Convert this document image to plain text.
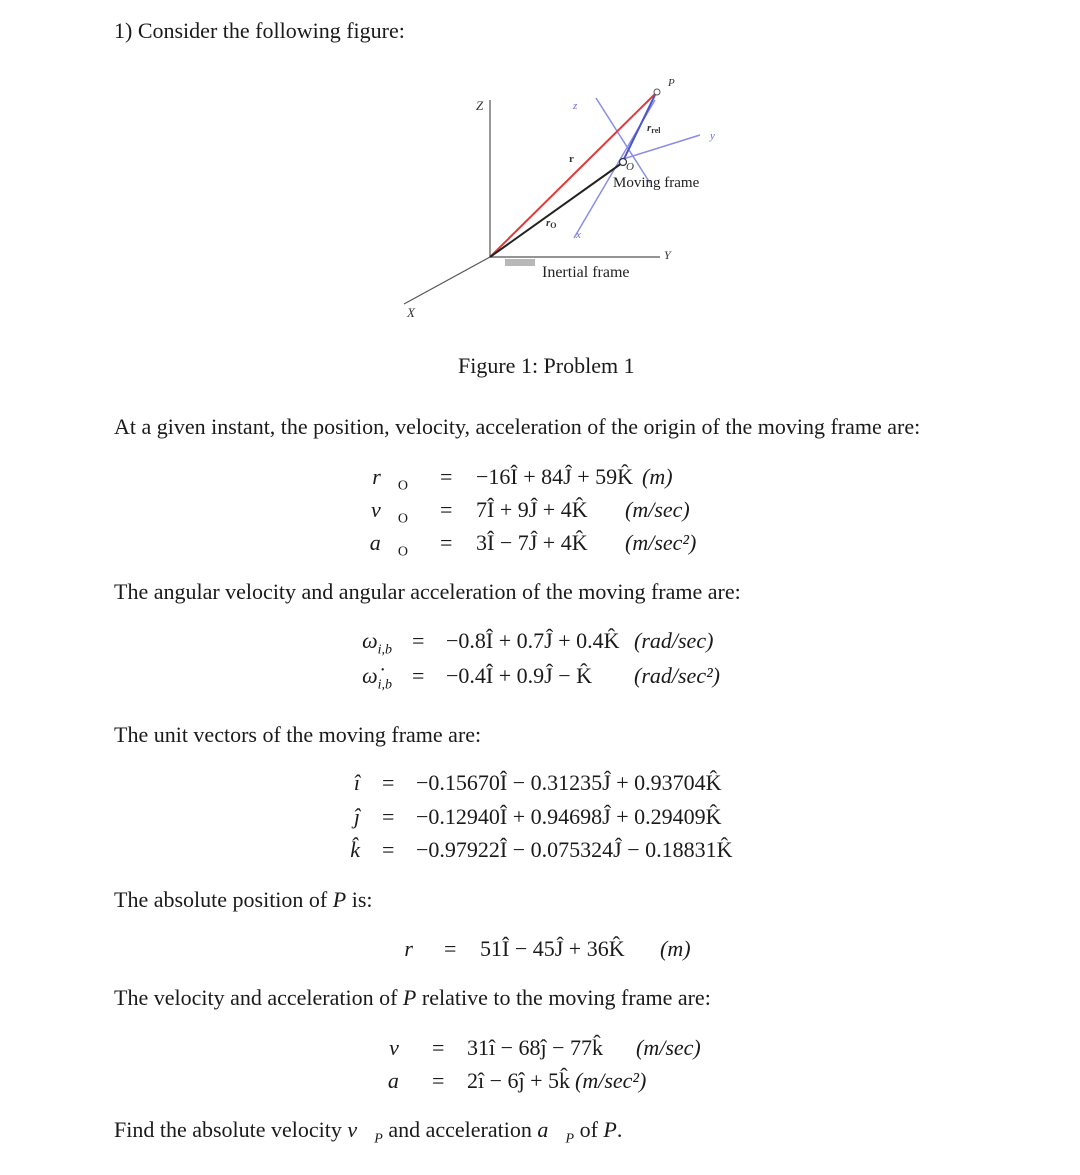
1) Consider the following figure:
Z	z
P
rrel	y
r
O
Moving frame
rO
x
Y
Inertial frame
X
Figure 1: Problem 1
At a given instant, the position, velocity, acceleration of the origin of the moving frame are:
$r⃗_O$ = −16Î + 84Ĵ + 59K̂ (m)
$v⃗_O$ = 7Î + 9Ĵ + 4K̂ (m/sec)
$a⃗_O$ = 3Î − 7Ĵ + 4K̂ (m/sec²)
The angular velocity and angular acceleration of the moving frame are:
$\omega_{i,b}$ = −0.8Î + 0.7Ĵ + 0.4K̂ (rad/sec)
$\omegȧ_{i,b}$ = −0.4Î + 0.9Ĵ − K̂ (rad/sec²)
The unit vectors of the moving frame are:
î = −0.15670Î − 0.31235Ĵ + 0.93704K̂
ĵ = −0.12940Î + 0.94698Ĵ + 0.29409K̂
k̂ = −0.97922Î − 0.075324Ĵ − 0.18831K̂
The absolute position of P is:
r⃗ = 51Î − 45Ĵ + 36K̂ (m)
The velocity and acceleration of P relative to the moving frame are:
v⃗ = 31î − 68ĵ − 77k̂ (m/sec)
a⃗ = 2î − 6ĵ + 5k̂ (m/sec²)
Find the absolute velocity $v⃗_P$ and acceleration $a⃗_P$ of P.
